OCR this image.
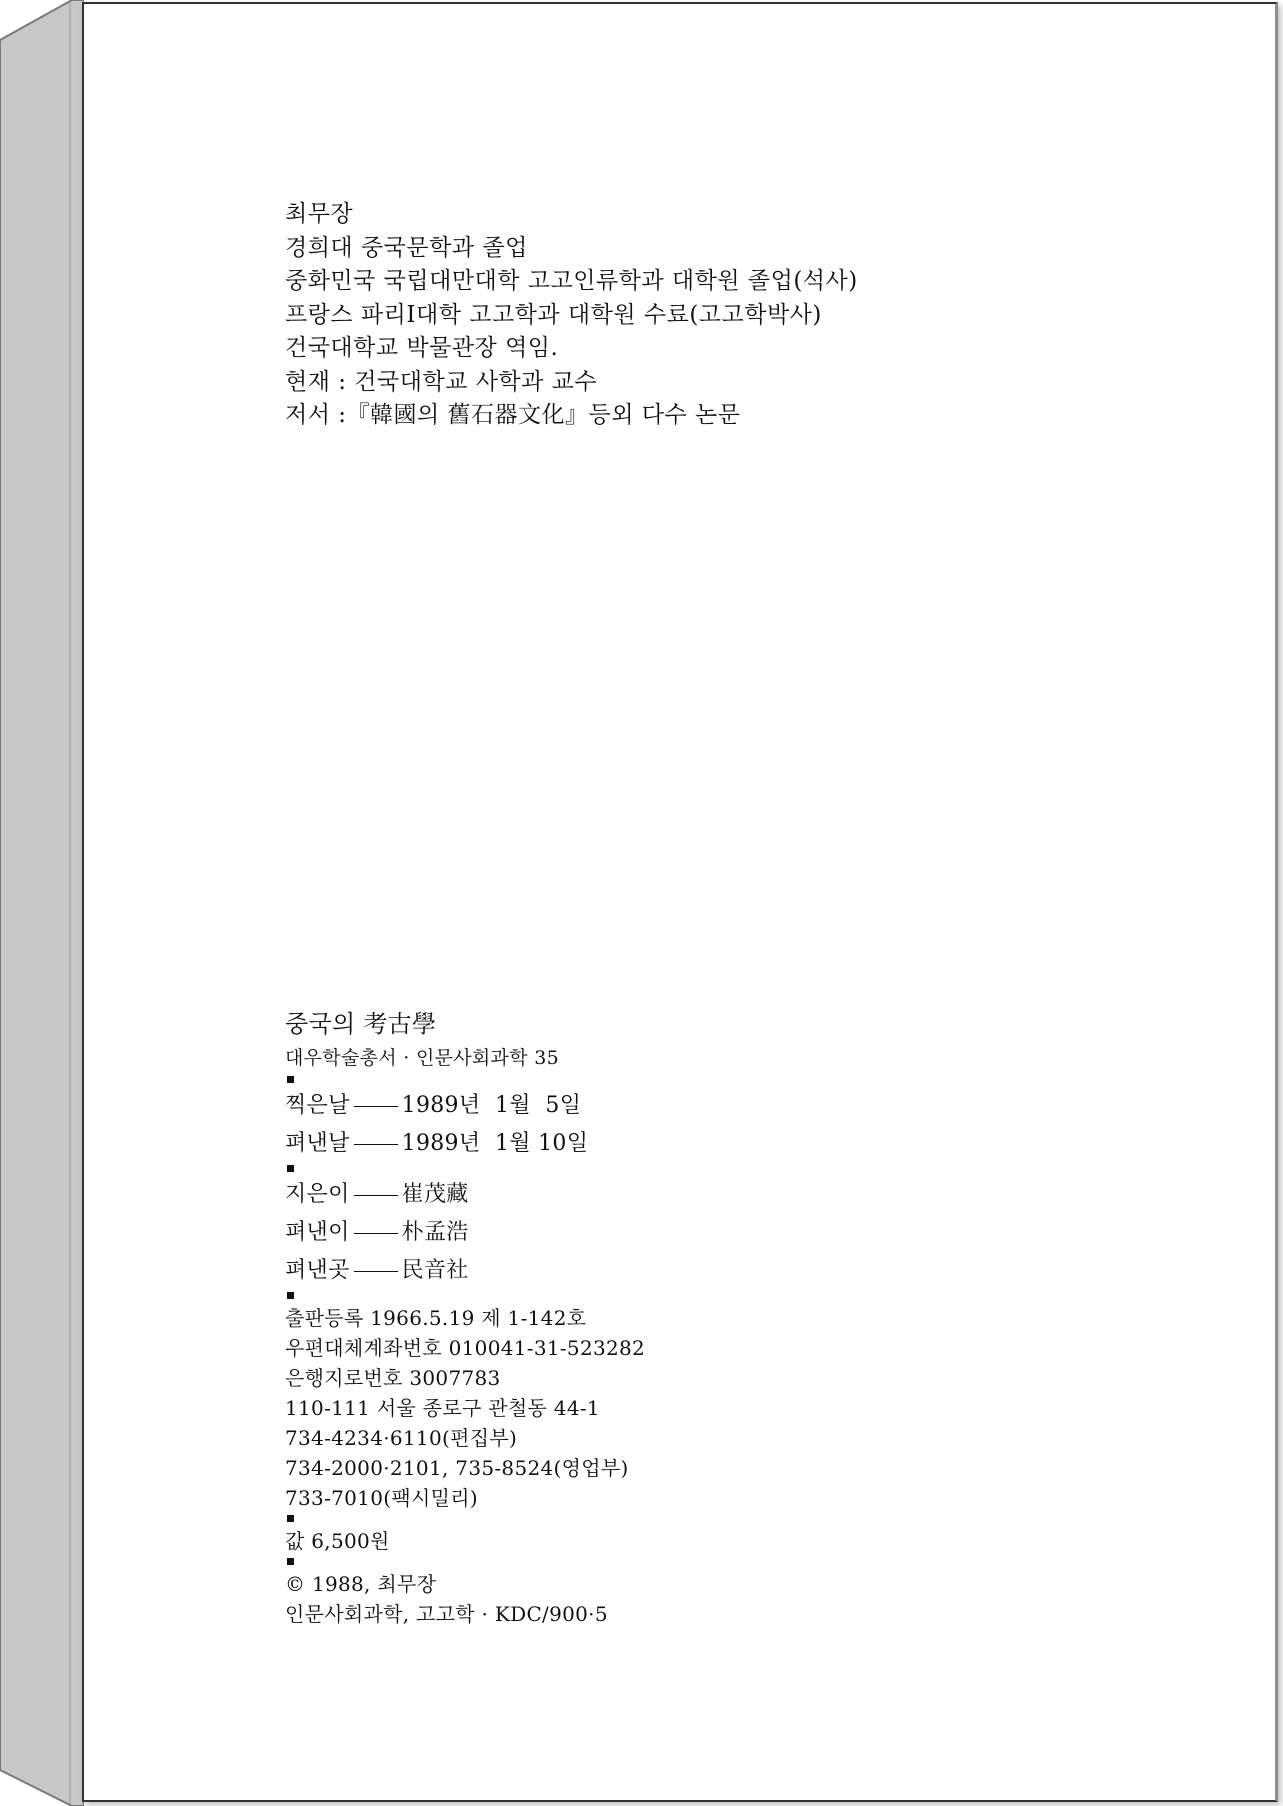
최무장
경희대 중국문학과 졸업
중화민국 국립대만대학 고고인류학과 대학원 졸업(석사)
프랑스 파리I대학 고고학과 대학원 수료(고고학박사)
건국대학교 박물관장 역임.
현재 : 건국대학교 사학과 교수
저서 :『韓國의 舊石器文化』등외 다수 논문
중국의 考古學
대우학술총서 · 인문사회과학 35
찍은날 1989년  1월  5일
펴낸날 1989년  1월 10일
지은이 崔茂藏
펴낸이 朴孟浩
펴낸곳 民音社
출판등록 1966.5.19 제 1-142호
우편대체계좌번호 010041-31-523282
은행지로번호 3007783
110-111 서울 종로구 관철동 44-1
734-4234·6110(편집부)
734-2000·2101, 735-8524(영업부)
733-7010(팩시밀리)
값 6,500원
© 1988, 최무장
인문사회과학, 고고학 · KDC/900·5
